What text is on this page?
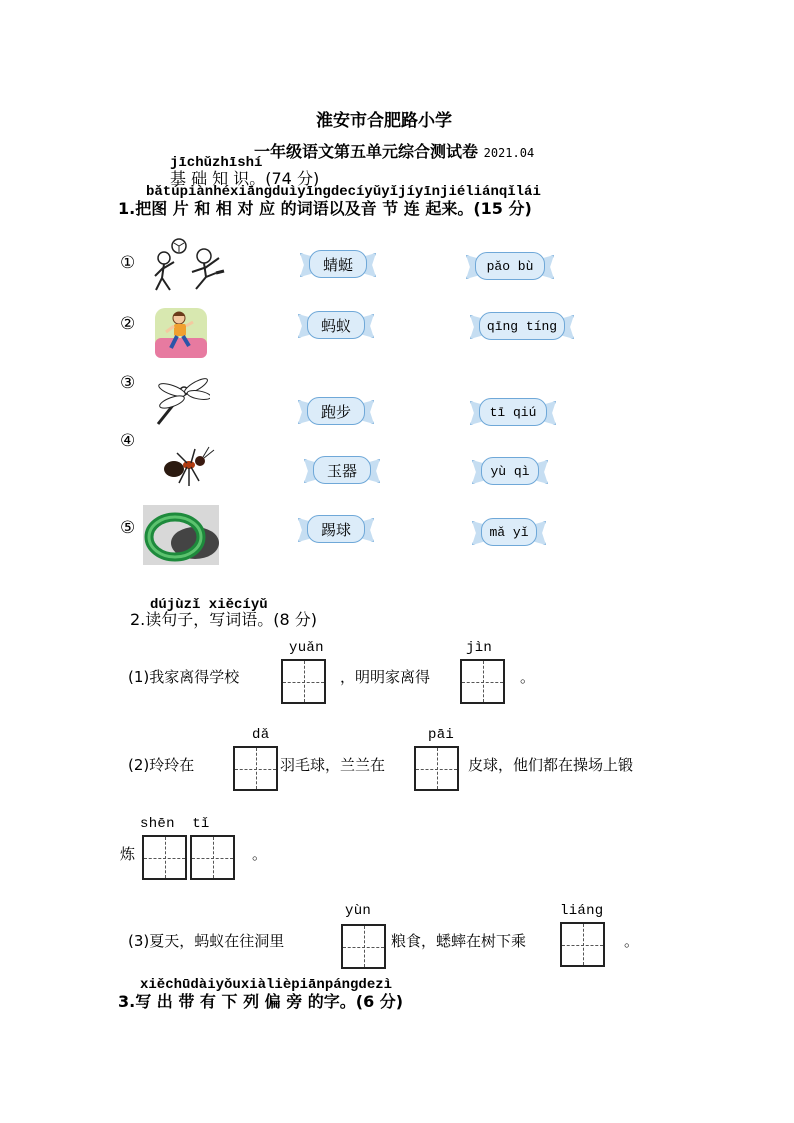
淮安市合肥路小学
一年级语文第五单元综合测试卷 2021.04
jīchǔzhīshí
基 础 知 识。(74 分)
bǎtúpiànhéxiāngduìyīngdecíyǔyǐjíyīnjiéliánqǐlái
1.把图 片 和 相 对 应 的词语以及音 节 连 起来。(15 分)
①
②
③
④
⑤
蜻蜓
蚂蚁
跑步
玉器
踢球
pǎo bù
qīng tíng
tī qiú
yù qì
mǎ yǐ
dújùzǐ xiěcíyǔ
2.读句子，写词语。(8 分)
yuǎn	jìn
(1)我家离得学校	，明明家离得	。
dǎ	pāi
(2)玲玲在	羽毛球，兰兰在	皮球，他们都在操场上锻
shēn  tǐ
炼	。
yùn	liáng
(3)夏天，蚂蚁在往洞里	粮食，蟋蟀在树下乘	。
xiěchūdàiyǒuxiàlièpiānpángdezì
3.写 出 带 有 下 列 偏 旁 的字。(6 分)
